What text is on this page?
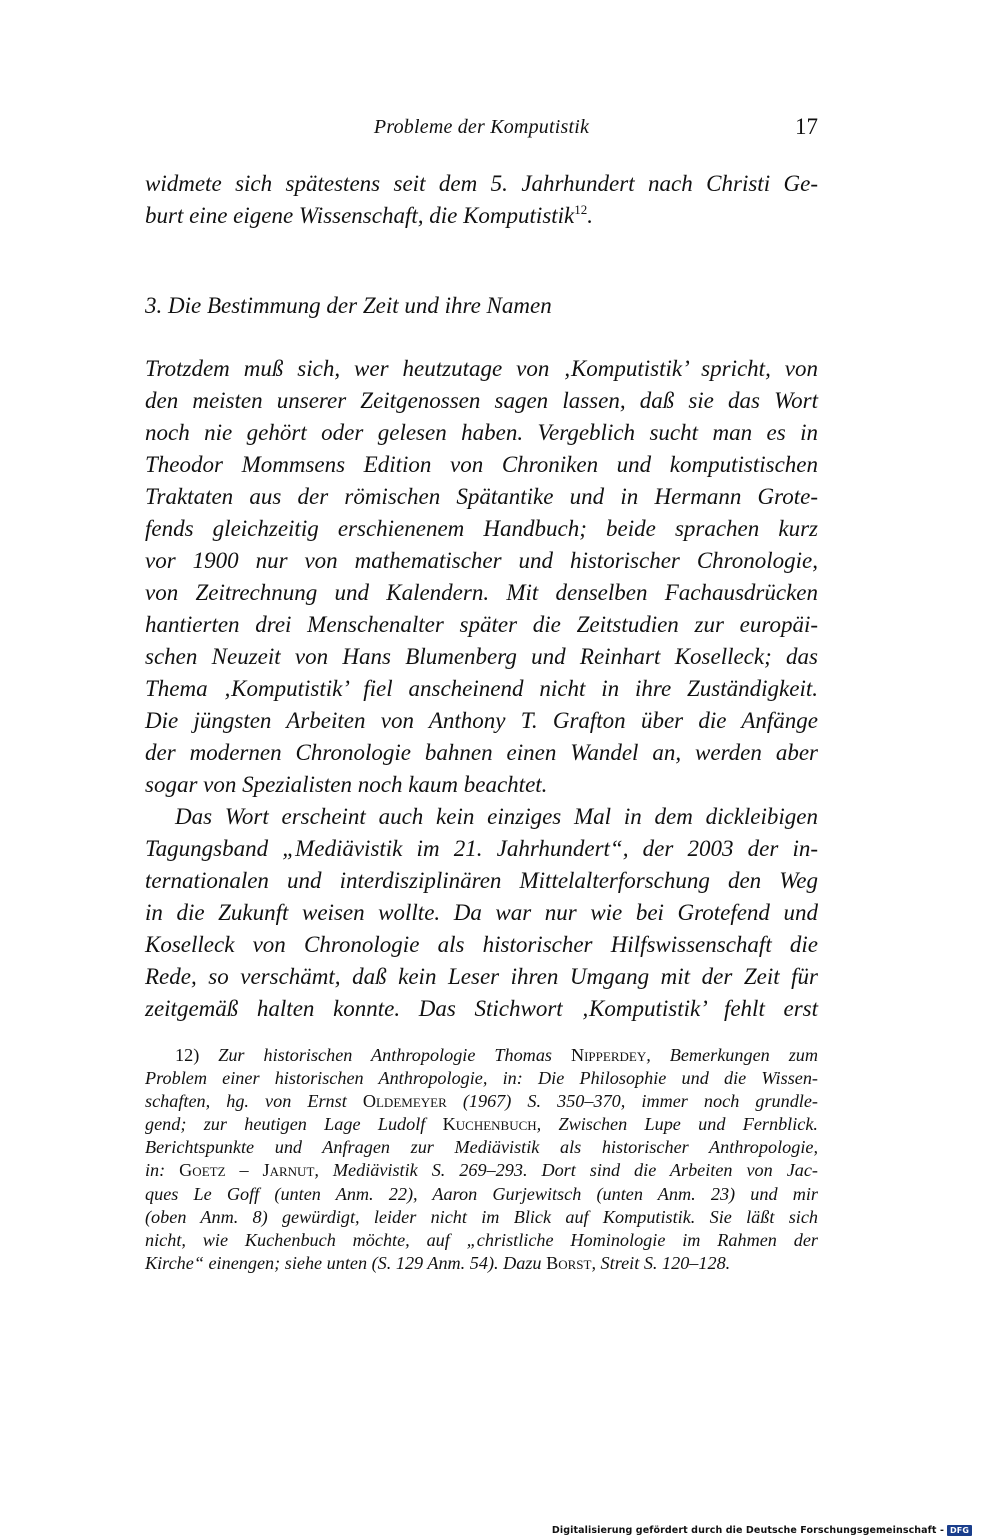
Probleme der Komputistik	17
widmete sich spätestens seit dem 5. Jahrhundert nach Christi Ge-
burt eine eigene Wissenschaft, die Komputistik$^{12}$.
3. Die Bestimmung der Zeit und ihre Namen
Trotzdem muß sich, wer heutzutage von ‚Komputistik’ spricht, von
den meisten unserer Zeitgenossen sagen lassen, daß sie das Wort
noch nie gehört oder gelesen haben. Vergeblich sucht man es in
Theodor Mommsens Edition von Chroniken und komputistischen
Traktaten aus der römischen Spätantike und in Hermann Grote-
fends gleichzeitig erschienenem Handbuch; beide sprachen kurz
vor 1900 nur von mathematischer und historischer Chronologie,
von Zeitrechnung und Kalendern. Mit denselben Fachausdrücken
hantierten drei Menschenalter später die Zeitstudien zur europäi-
schen Neuzeit von Hans Blumenberg und Reinhart Koselleck; das
Thema ‚Komputistik’ fiel anscheinend nicht in ihre Zuständigkeit.
Die jüngsten Arbeiten von Anthony T. Grafton über die Anfänge
der modernen Chronologie bahnen einen Wandel an, werden aber
sogar von Spezialisten noch kaum beachtet.
Das Wort erscheint auch kein einziges Mal in dem dickleibigen
Tagungsband „Mediävistik im 21. Jahrhundert“, der 2003 der in-
ternationalen und interdisziplinären Mittelalterforschung den Weg
in die Zukunft weisen wollte. Da war nur wie bei Grotefend und
Koselleck von Chronologie als historischer Hilfswissenschaft die
Rede, so verschämt, daß kein Leser ihren Umgang mit der Zeit für
zeitgemäß halten konnte. Das Stichwort ‚Komputistik’ fehlt erst
12) Zur historischen Anthropologie Thomas Nipperdey, Bemerkungen zum
Problem einer historischen Anthropologie, in: Die Philosophie und die Wissen-
schaften, hg. von Ernst Oldemeyer (1967) S. 350–370, immer noch grundle-
gend; zur heutigen Lage Ludolf Kuchenbuch, Zwischen Lupe und Fernblick.
Berichtspunkte und Anfragen zur Mediävistik als historischer Anthropologie,
in: Goetz – Jarnut, Mediävistik S. 269–293. Dort sind die Arbeiten von Jac-
ques Le Goff (unten Anm. 22), Aaron Gurjewitsch (unten Anm. 23) und mir
(oben Anm. 8) gewürdigt, leider nicht im Blick auf Komputistik. Sie läßt sich
nicht, wie Kuchenbuch möchte, auf „christliche Hominologie im Rahmen der
Kirche“ einengen; siehe unten (S. 129 Anm. 54). Dazu Borst, Streit S. 120–128.
Digitalisierung gefördert durch die Deutsche Forschungsgemeinschaft - DFG
